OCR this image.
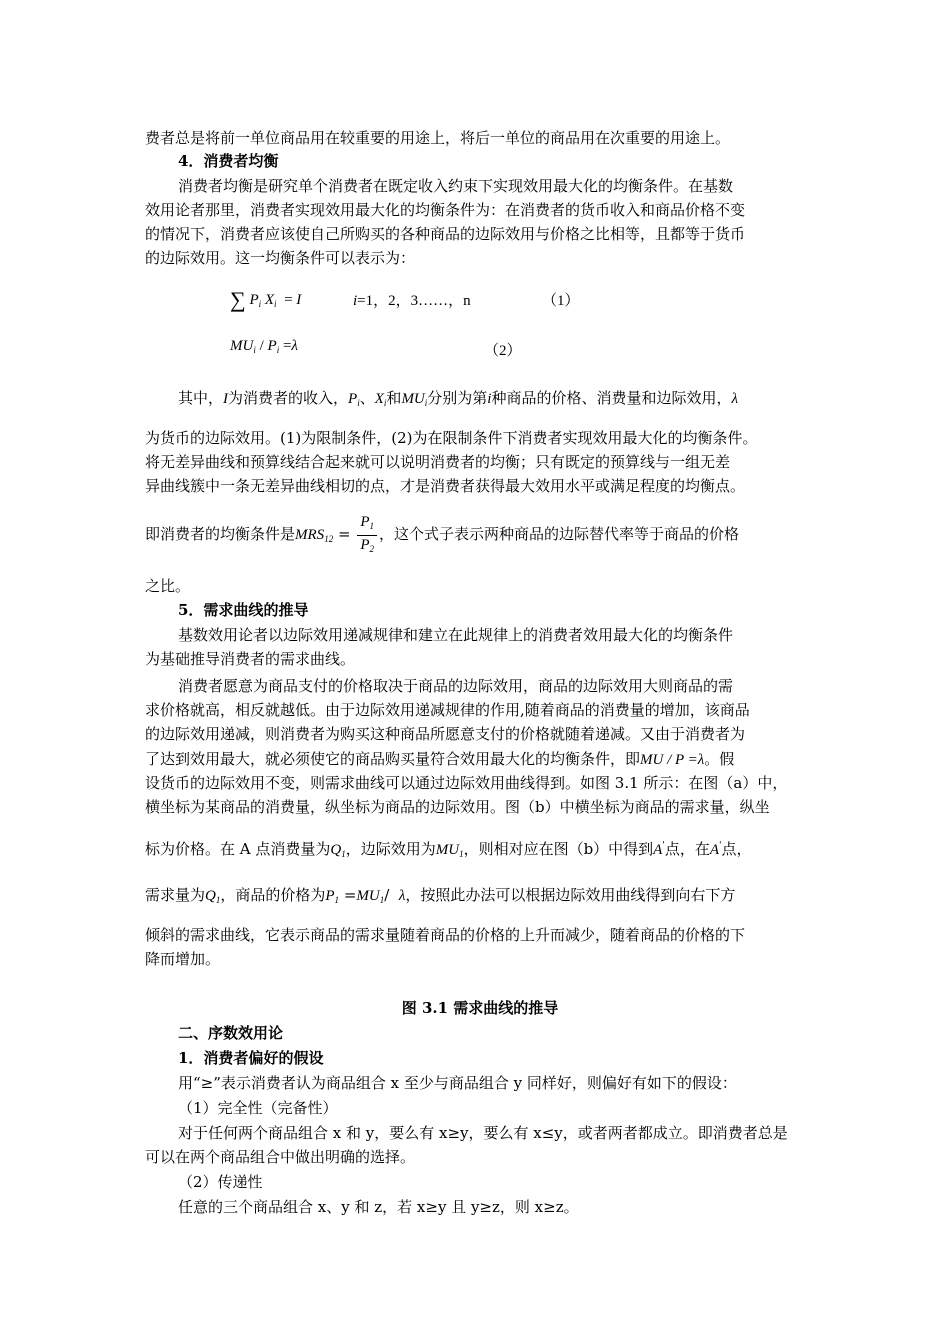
费者总是将前一单位商品用在较重要的用途上，将后一单位的商品用在次重要的用途上。
4．消费者均衡
消费者均衡是研究单个消费者在既定收入约束下实现效用最大化的均衡条件。在基数
效用论者那里，消费者实现效用最大化的均衡条件为：在消费者的货币收入和商品价格不变
的情况下，消费者应该使自己所购买的各种商品的边际效用与价格之比相等，且都等于货币
的边际效用。这一均衡条件可以表示为：
∑ $P_i$ $X_i = I$	i=1，2，3……，n	（1）
$MU_i / P_i =\lambda$	（2）
其中，I为消费者的收入，$P_i$、$X_i$和$MU_i$分别为第i种商品的价格、消费量和边际效用，λ
为货币的边际效用。(1)为限制条件，(2)为在限制条件下消费者实现效用最大化的均衡条件。
将无差异曲线和预算线结合起来就可以说明消费者的均衡；只有既定的预算线与一组无差
异曲线簇中一条无差异曲线相切的点，才是消费者获得最大效用水平或满足程度的均衡点。
即消费者的均衡条件是$MRS_{12} = \frac{P_1}{P_2}$ ，这个式子表示两种商品的边际替代率等于商品的价格
之比。
5．需求曲线的推导
基数效用论者以边际效用递减规律和建立在此规律上的消费者效用最大化的均衡条件
为基础推导消费者的需求曲线。
消费者愿意为商品支付的价格取决于商品的边际效用，商品的边际效用大则商品的需
求价格就高，相反就越低。由于边际效用递减规律的作用,随着商品的消费量的增加，该商品
的边际效用递减，则消费者为购买这种商品所愿意支付的价格就随着递减。又由于消费者为
了达到效用最大，就必须使它的商品购买量符合效用最大化的均衡条件，即MU / P =λ。假
设货币的边际效用不变，则需求曲线可以通过边际效用曲线得到。如图 3.1 所示：在图（a）中，
横坐标为某商品的消费量，纵坐标为商品的边际效用。图（b）中横坐标为商品的需求量，纵坐
标为价格。在 A 点消费量为$Q_1$，边际效用为$MU_1$，则相对应在图（b）中得到A'点，在A'点，
需求量为$Q_1$，商品的价格为$P_1 =MU_1/$ λ，按照此办法可以根据边际效用曲线得到向右下方
倾斜的需求曲线，它表示商品的需求量随着商品的价格的上升而减少，随着商品的价格的下
降而增加。
图 3.1 需求曲线的推导
二、序数效用论
1．消费者偏好的假设
用“≥”表示消费者认为商品组合 x 至少与商品组合 y 同样好，则偏好有如下的假设：
（1）完全性（完备性）
对于任何两个商品组合 x 和 y，要么有 x≥y，要么有 x≤y，或者两者都成立。即消费者总是
可以在两个商品组合中做出明确的选择。
（2）传递性
任意的三个商品组合 x、y 和 z，若 x≥y 且 y≥z，则 x≥z。
